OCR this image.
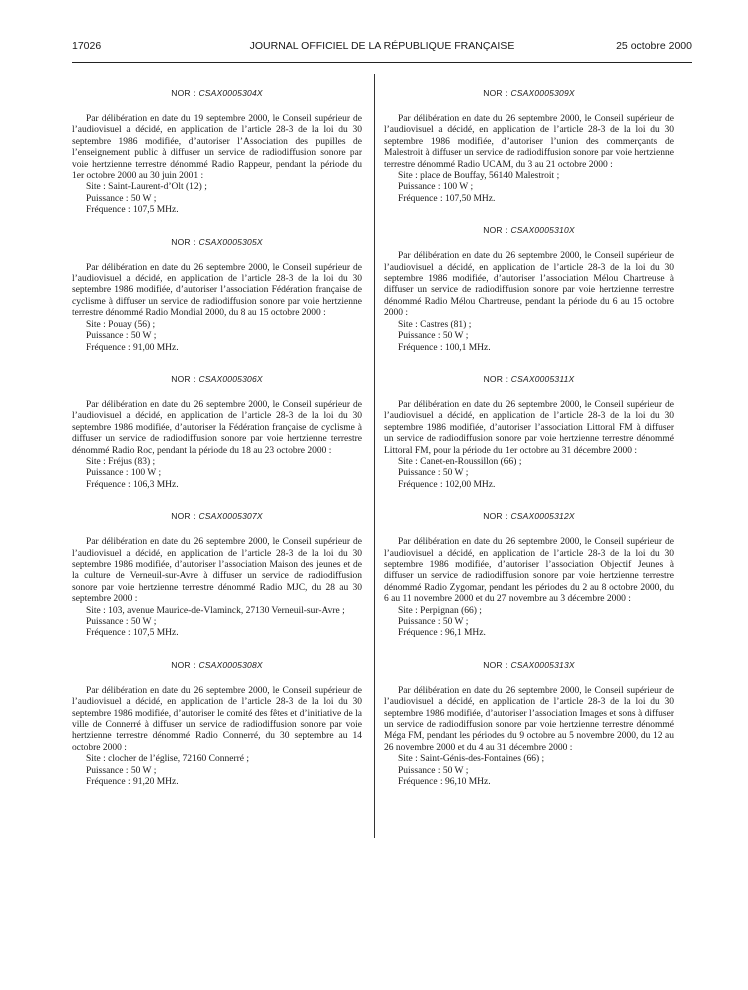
17026	JOURNAL OFFICIEL DE LA RÉPUBLIQUE FRANÇAISE	25 octobre 2000
NOR : CSAX0005304X

Par délibération en date du 19 septembre 2000, le Conseil supérieur de l’audiovisuel a décidé, en application de l’article 28-3 de la loi du 30 septembre 1986 modifiée, d’autoriser l’Association des pupilles de l’enseignement public à diffuser un service de radiodiffusion sonore par voie hertzienne terrestre dénommé Radio Rappeur, pendant la période du 1er octobre 2000 au 30 juin 2001 :

Site : Saint-Laurent-d’Olt (12) ;

Puissance : 50 W ;

Fréquence : 107,5 MHz.

NOR : CSAX0005305X

Par délibération en date du 26 septembre 2000, le Conseil supérieur de l’audiovisuel a décidé, en application de l’article 28-3 de la loi du 30 septembre 1986 modifiée, d’autoriser l’association Fédération française de cyclisme à diffuser un service de radiodiffusion sonore par voie hertzienne terrestre dénommé Radio Mondial 2000, du 8 au 15 octobre 2000 :

Site : Pouay (56) ;

Puissance : 50 W ;

Fréquence : 91,00 MHz.

NOR : CSAX0005306X

Par délibération en date du 26 septembre 2000, le Conseil supérieur de l’audiovisuel a décidé, en application de l’article 28-3 de la loi du 30 septembre 1986 modifiée, d’autoriser la Fédération française de cyclisme à diffuser un service de radiodiffusion sonore par voie hertzienne terrestre dénommé Radio Roc, pendant la période du 18 au 23 octobre 2000 :

Site : Fréjus (83) ;

Puissance : 100 W ;

Fréquence : 106,3 MHz.

NOR : CSAX0005307X

Par délibération en date du 26 septembre 2000, le Conseil supérieur de l’audiovisuel a décidé, en application de l’article 28-3 de la loi du 30 septembre 1986 modifiée, d’autoriser l’association Maison des jeunes et de la culture de Verneuil-sur-Avre à diffuser un service de radiodiffusion sonore par voie hertzienne terrestre dénommé Radio MJC, du 28 au 30 septembre 2000 :

Site : 103, avenue Maurice-de-Vlaminck, 27130 Verneuil-sur-Avre ;

Puissance : 50 W ;

Fréquence : 107,5 MHz.

NOR : CSAX0005308X

Par délibération en date du 26 septembre 2000, le Conseil supérieur de l’audiovisuel a décidé, en application de l’article 28-3 de la loi du 30 septembre 1986 modifiée, d’autoriser le comité des fêtes et d’initiative de la ville de Connerré à diffuser un service de radiodiffusion sonore par voie hertzienne terrestre dénommé Radio Connerré, du 30 septembre au 14 octobre 2000 :

Site : clocher de l’église, 72160 Connerré ;

Puissance : 50 W ;

Fréquence : 91,20 MHz.

NOR : CSAX0005309X

Par délibération en date du 26 septembre 2000, le Conseil supérieur de l’audiovisuel a décidé, en application de l’article 28-3 de la loi du 30 septembre 1986 modifiée, d’autoriser l’union des commerçants de Malestroit à diffuser un service de radiodiffusion sonore par voie hertzienne terrestre dénommé Radio UCAM, du 3 au 21 octobre 2000 :

Site : place de Bouffay, 56140 Malestroit ;

Puissance : 100 W ;

Fréquence : 107,50 MHz.

NOR : CSAX0005310X

Par délibération en date du 26 septembre 2000, le Conseil supérieur de l’audiovisuel a décidé, en application de l’article 28-3 de la loi du 30 septembre 1986 modifiée, d’autoriser l’association Mélou Chartreuse à diffuser un service de radiodiffusion sonore par voie hertzienne terrestre dénommé Radio Mélou Chartreuse, pendant la période du 6 au 15 octobre 2000 :

Site : Castres (81) ;

Puissance : 50 W ;

Fréquence : 100,1 MHz.

NOR : CSAX0005311X

Par délibération en date du 26 septembre 2000, le Conseil supérieur de l’audiovisuel a décidé, en application de l’article 28-3 de la loi du 30 septembre 1986 modifiée, d’autoriser l’association Littoral FM à diffuser un service de radiodiffusion sonore par voie hertzienne terrestre dénommé Littoral FM, pour la période du 1er octobre au 31 décembre 2000 :

Site : Canet-en-Roussillon (66) ;

Puissance : 50 W ;

Fréquence : 102,00 MHz.

NOR : CSAX0005312X

Par délibération en date du 26 septembre 2000, le Conseil supérieur de l’audiovisuel a décidé, en application de l’article 28-3 de la loi du 30 septembre 1986 modifiée, d’autoriser l’association Objectif Jeunes à diffuser un service de radiodiffusion sonore par voie hertzienne terrestre dénommé Radio Zygomar, pendant les périodes du 2 au 8 octobre 2000, du 6 au 11 novembre 2000 et du 27 novembre au 3 décembre 2000 :

Site : Perpignan (66) ;

Puissance : 50 W ;

Fréquence : 96,1 MHz.

NOR : CSAX0005313X

Par délibération en date du 26 septembre 2000, le Conseil supérieur de l’audiovisuel a décidé, en application de l’article 28-3 de la loi du 30 septembre 1986 modifiée, d’autoriser l’association Images et sons à diffuser un service de radiodiffusion sonore par voie hertzienne terrestre dénommé Méga FM, pendant les périodes du 9 octobre au 5 novembre 2000, du 12 au 26 novembre 2000 et du 4 au 31 décembre 2000 :

Site : Saint-Génis-des-Fontaines (66) ;

Puissance : 50 W ;

Fréquence : 96,10 MHz.
